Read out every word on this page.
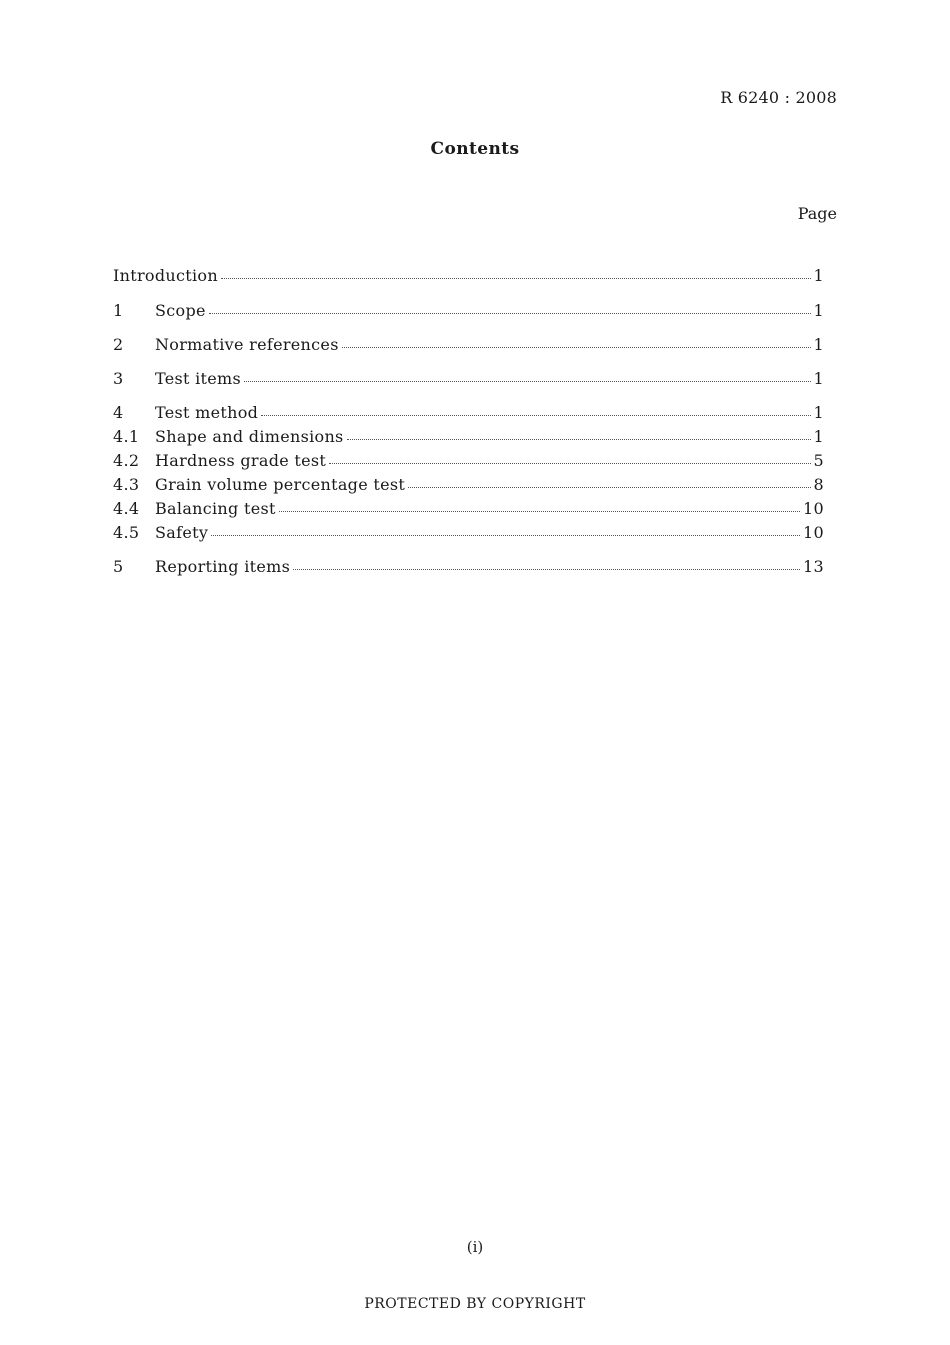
R 6240 : 2008
Contents
Page
Introduction	1
1	Scope	1
2	Normative references	1
3	Test items	1
4	Test method	1
4.1 Shape and dimensions	1
4.2 Hardness grade test	5
4.3 Grain volume percentage test	8
4.4 Balancing test	10
4.5 Safety	10
5	Reporting items	13
(i)
PROTECTED BY COPYRIGHT
